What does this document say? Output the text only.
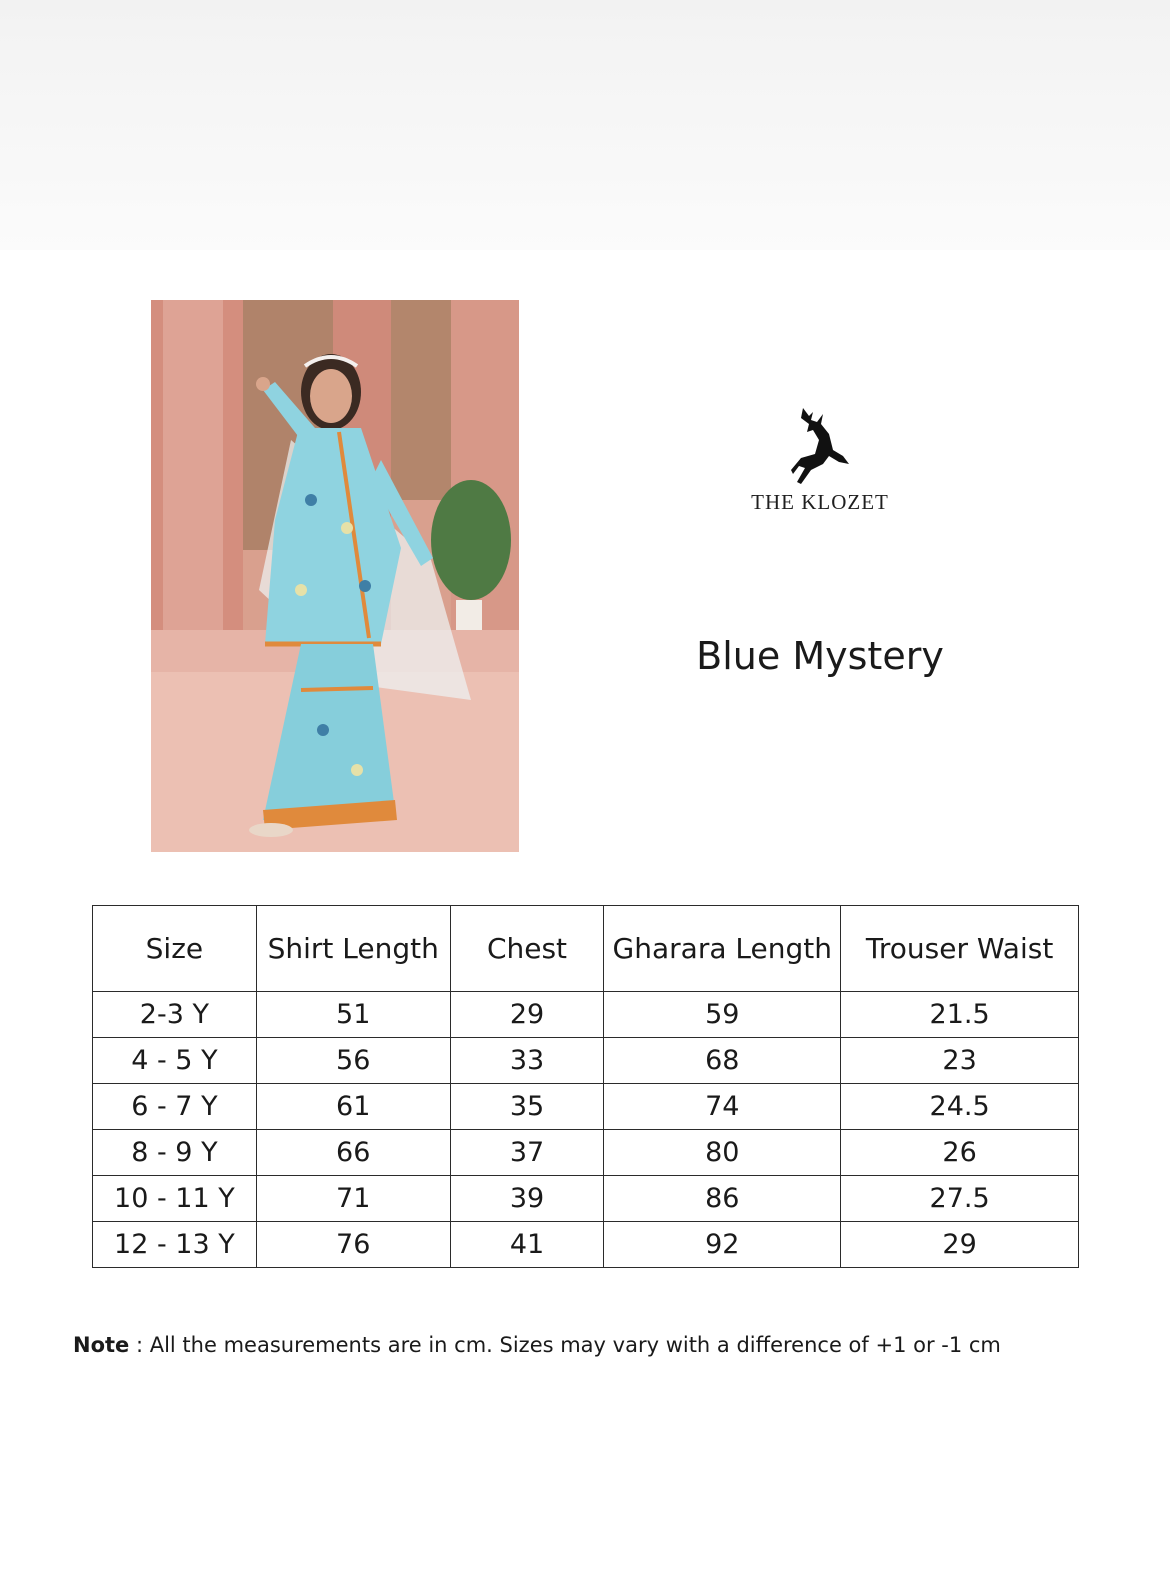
THE KLOZET
Blue Mystery
Size	Shirt Length	Chest	Gharara Length	Trouser Waist
2-3 Y	51	29	59	21.5
4 - 5 Y	56	33	68	23
6 - 7 Y	61	35	74	24.5
8 - 9 Y	66	37	80	26
10 - 11 Y	71	39	86	27.5
12 - 13 Y	76	41	92	29

Note : All the measurements are in cm. Sizes may vary with a difference of +1 or -1 cm
